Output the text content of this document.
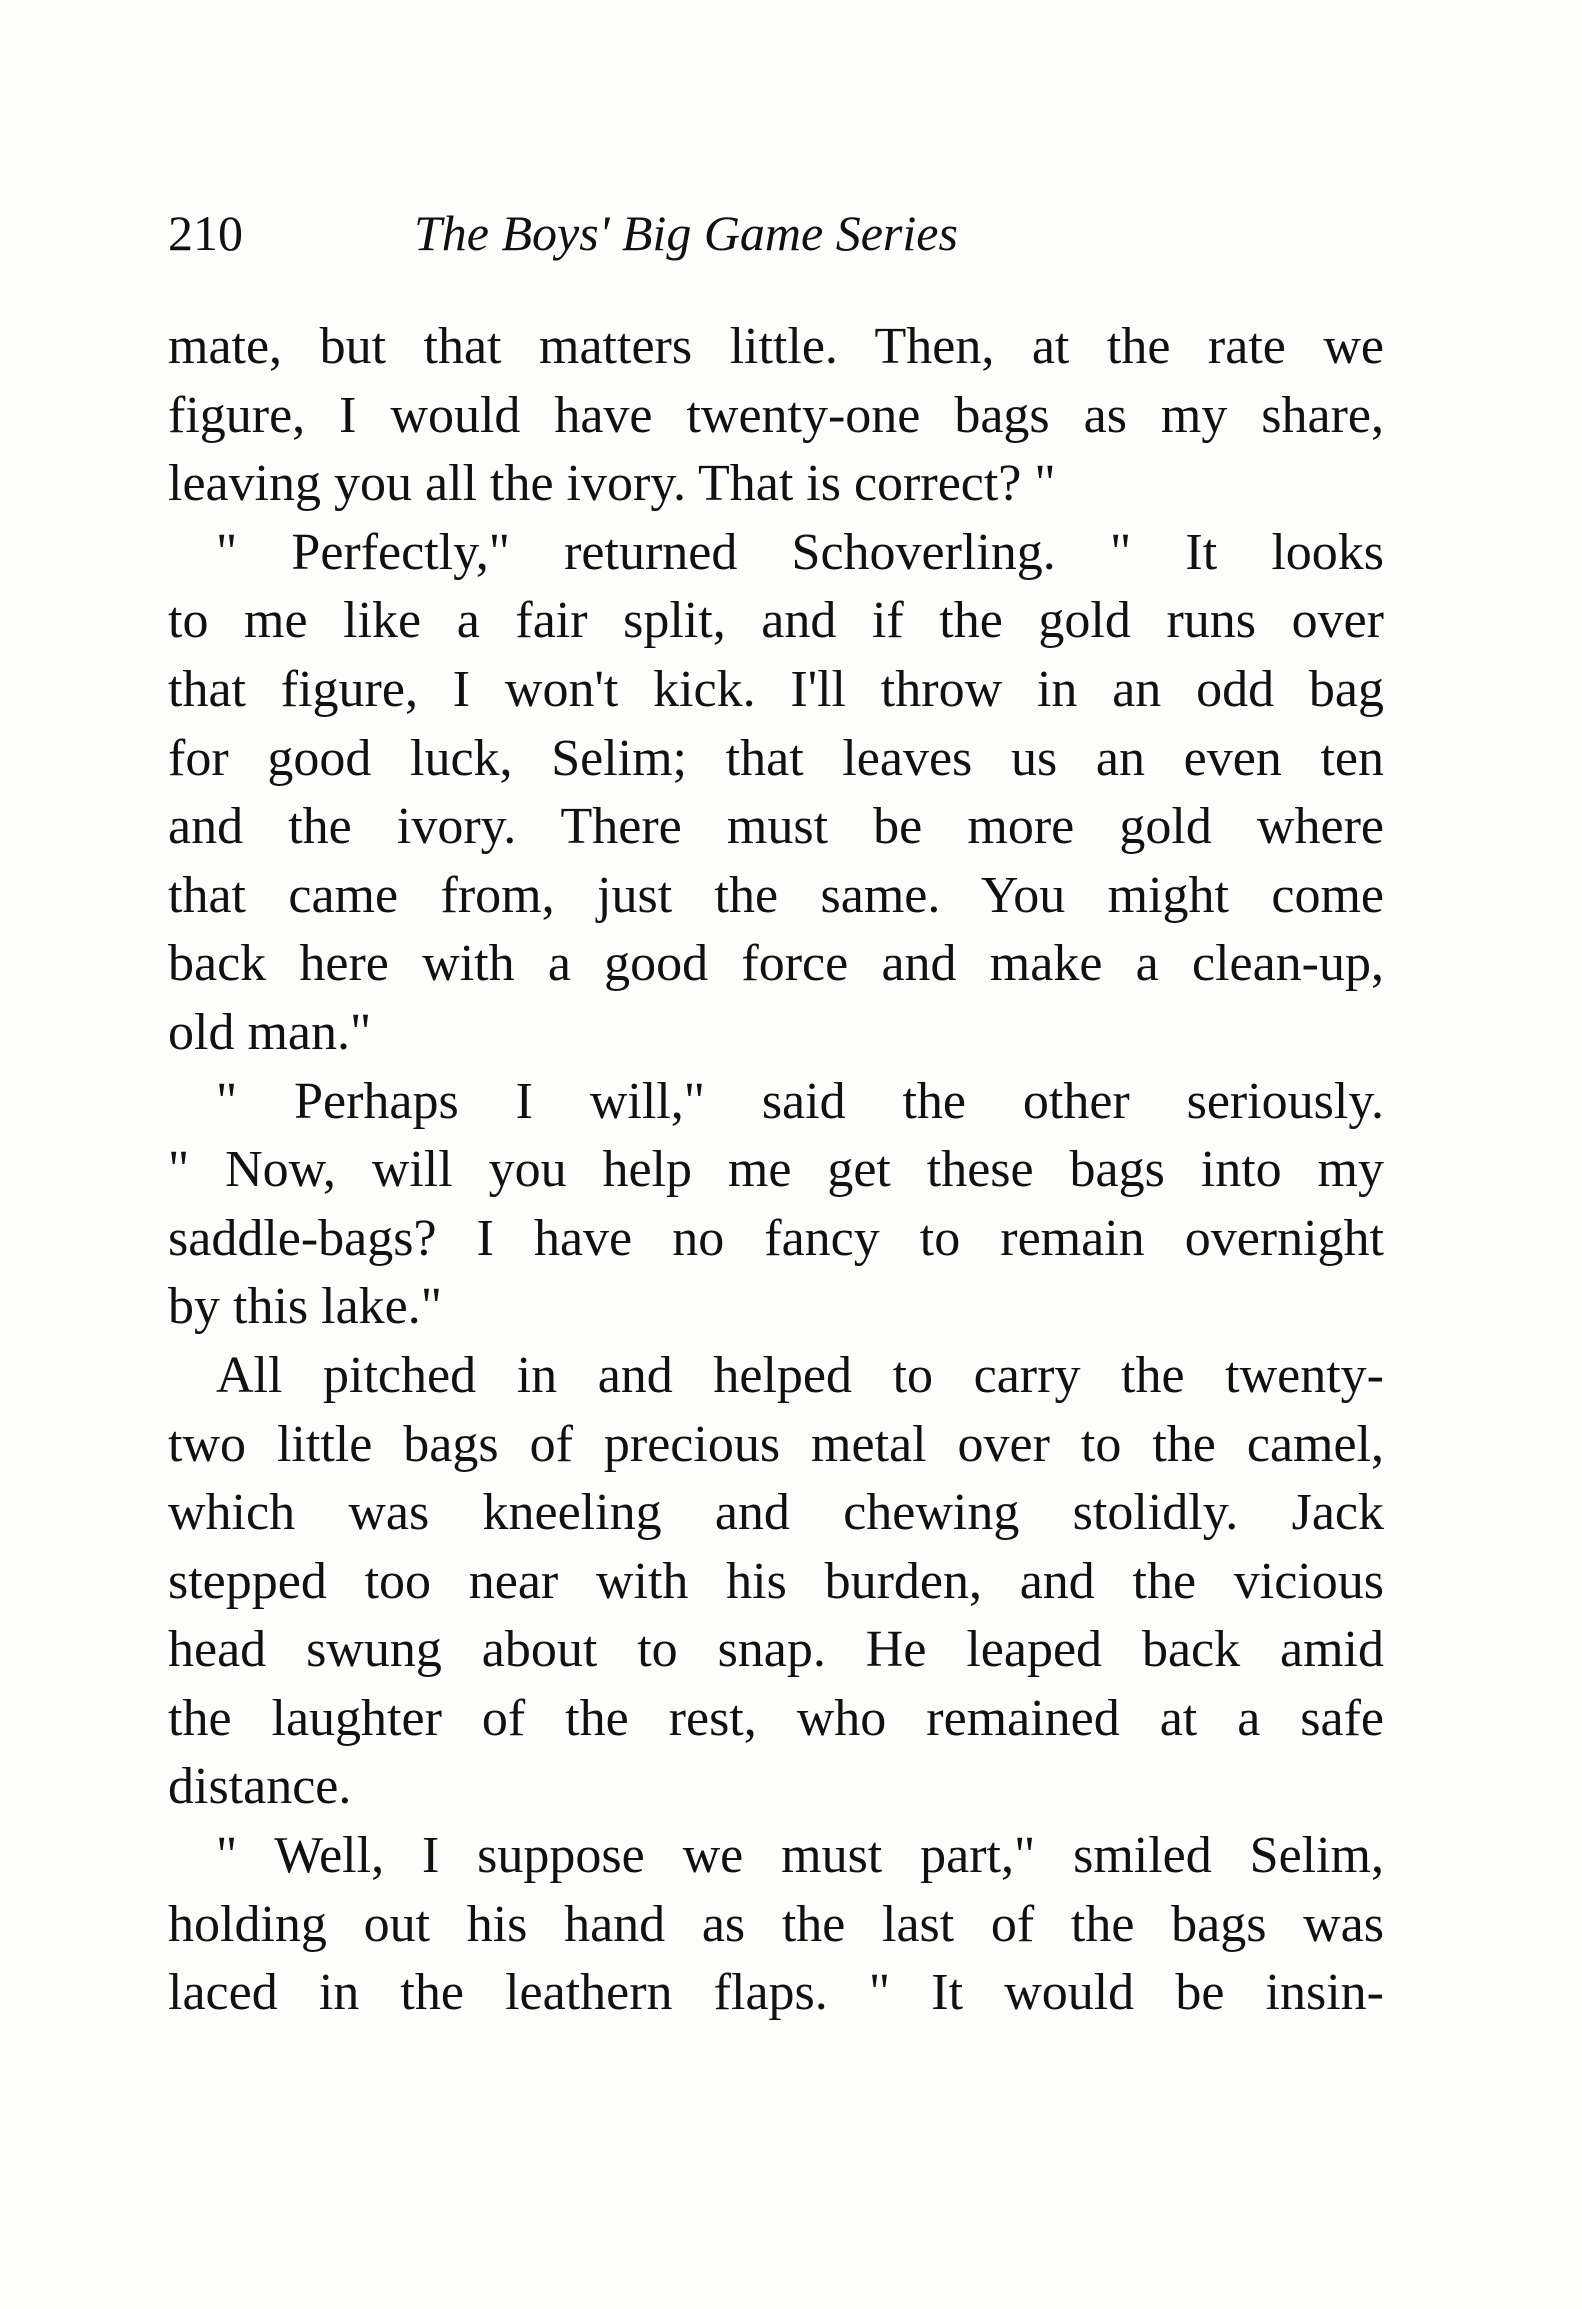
210	The Boys' Big Game Series
mate, but that matters little. Then, at the rate we
figure, I would have twenty-one bags as my share,
leaving you all the ivory. That is correct? "
" Perfectly," returned Schoverling. " It looks
to me like a fair split, and if the gold runs over
that figure, I won't kick. I'll throw in an odd bag
for good luck, Selim; that leaves us an even ten
and the ivory. There must be more gold where
that came from, just the same. You might come
back here with a good force and make a clean-up,
old man."
" Perhaps I will," said the other seriously.
" Now, will you help me get these bags into my
saddle-bags? I have no fancy to remain overnight
by this lake."
All pitched in and helped to carry the twenty-
two little bags of precious metal over to the camel,
which was kneeling and chewing stolidly. Jack
stepped too near with his burden, and the vicious
head swung about to snap. He leaped back amid
the laughter of the rest, who remained at a safe
distance.
" Well, I suppose we must part," smiled Selim,
holding out his hand as the last of the bags was
laced in the leathern flaps. " It would be insin-
